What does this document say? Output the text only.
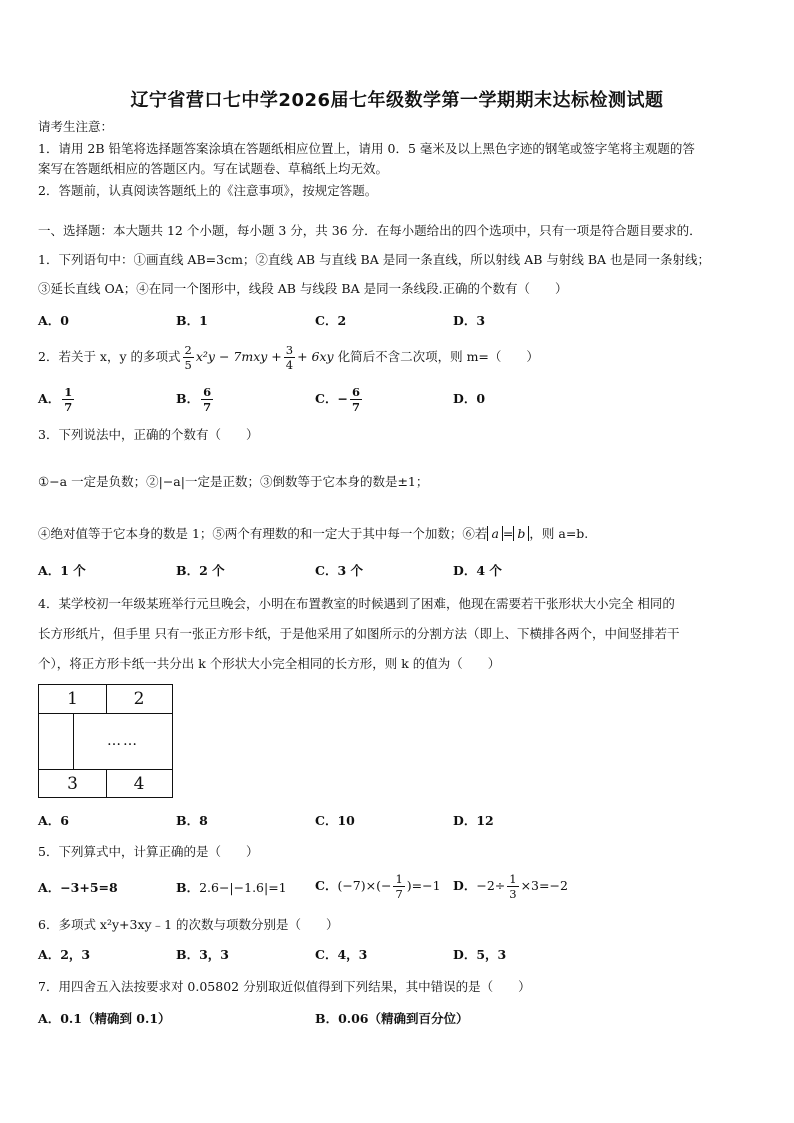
辽宁省营口七中学2026届七年级数学第一学期期末达标检测试题
请考生注意：
1．请用 2B 铅笔将选择题答案涂填在答题纸相应位置上，请用 0．5 毫米及以上黑色字迹的钢笔或签字笔将主观题的答
案写在答题纸相应的答题区内。写在试题卷、草稿纸上均无效。
2．答题前，认真阅读答题纸上的《注意事项》，按规定答题。
一、选择题：本大题共 12 个小题，每小题 3 分，共 36 分．在每小题给出的四个选项中，只有一项是符合题目要求的．
1．下列语句中：①画直线 AB=3cm；②直线 AB 与直线 BA 是同一条直线，所以射线 AB 与射线 BA 也是同一条射线；
③延长直线 OA；④在同一个图形中，线段 AB 与线段 BA 是同一条线段.正确的个数有（　　）
A．0	B．1	C．2	D．3
2．若关于 x，y 的多项式 $\frac{2}{5} x^2y - 7mxy + \frac{3}{4} + 6xy$ 化简后不含二次项，则 m=（　　）
A． $\frac{1}{7}$	B． $\frac{6}{7}$	C．− $\frac{6}{7}$	D．0
3．下列说法中，正确的个数有（　　）
①−a 一定是负数；②|−a|一定是正数；③倒数等于它本身的数是±1；
④绝对值等于它本身的数是 1；⑤两个有理数的和一定大于其中每一个加数；⑥若 a = b ，则 a=b.
A．1 个	B．2 个	C．3 个	D．4 个
4．某学校初一年级某班举行元旦晚会，小明在布置教室的时候遇到了困难，他现在需要若干张形状大小完全 相同的
长方形纸片，但手里 只有一张正方形卡纸，于是他采用了如图所示的分割方法（即上、下横排各两个，中间竖排若干
个），将正方形卡纸一共分出 k 个形状大小完全相同的长方形，则 k 的值为（　　）
1	2
……
3	4
A．6	B．8	C．10	D．12
5．下列算式中，计算正确的是（　　）
A．−3+5=8	B．2.6−|−1.6|=1 C．$(-7)\times(- \frac{1}{7} )=-1$ D．$-2\div \frac{1}{3} \times 3=-2$
6．多项式 x²y+3xy﹣1 的次数与项数分别是（　　）
A．2，3	B．3，3	C．4，3	D．5，3
7．用四舍五入法按要求对 0.05802 分别取近似值得到下列结果，其中错误的是（　　）
A．0.1（精确到 0.1）	B．0.06（精确到百分位）
